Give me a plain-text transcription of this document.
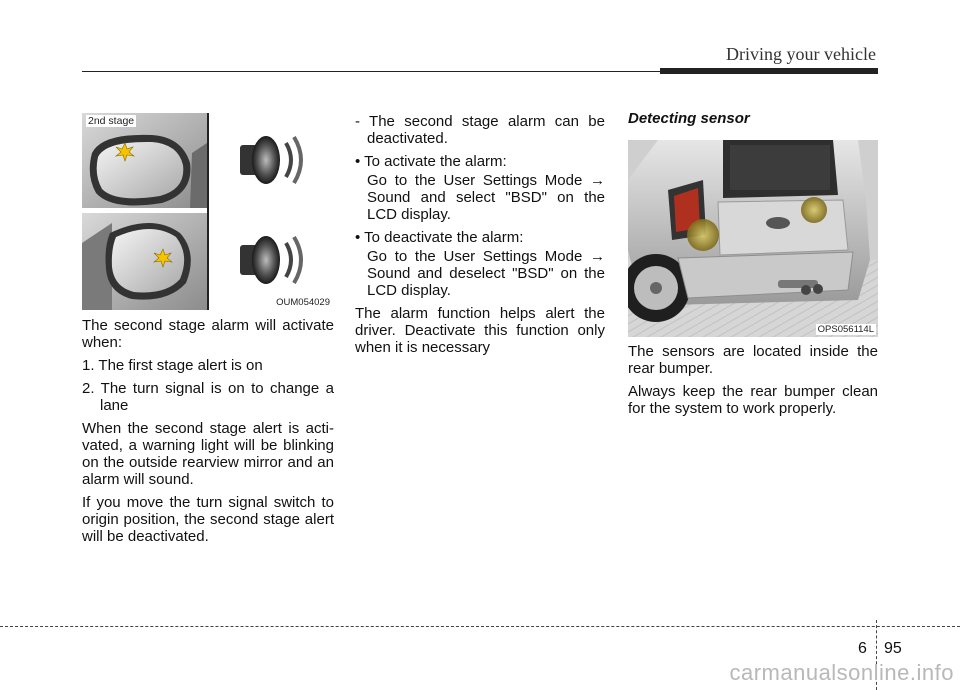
Driving your vehicle
2nd stage
OUM054029

The second stage alarm will activate when:

1. The first stage alert is on
2. The turn signal is on to change a lane

When the second stage alert is acti-vated, a warning light will be blinking on the outside rearview mirror and an alarm will sound.

If you move the turn signal switch to origin position, the second stage alert will be deactivated.

- The second stage alarm can be deactivated.
• To activate the alarm:
Go to the User Settings Mode → Sound and select "BSD" on the LCD display.
• To deactivate the alarm:
Go to the User Settings Mode → Sound and deselect "BSD" on the LCD display.

The alarm function helps alert the driver. Deactivate this function only when it is necessary

Detecting sensor
OPS056114L

The sensors are located inside the rear bumper.

Always keep the rear bumper clean for the system to work properly.

6 95
carmanualsonline.info
